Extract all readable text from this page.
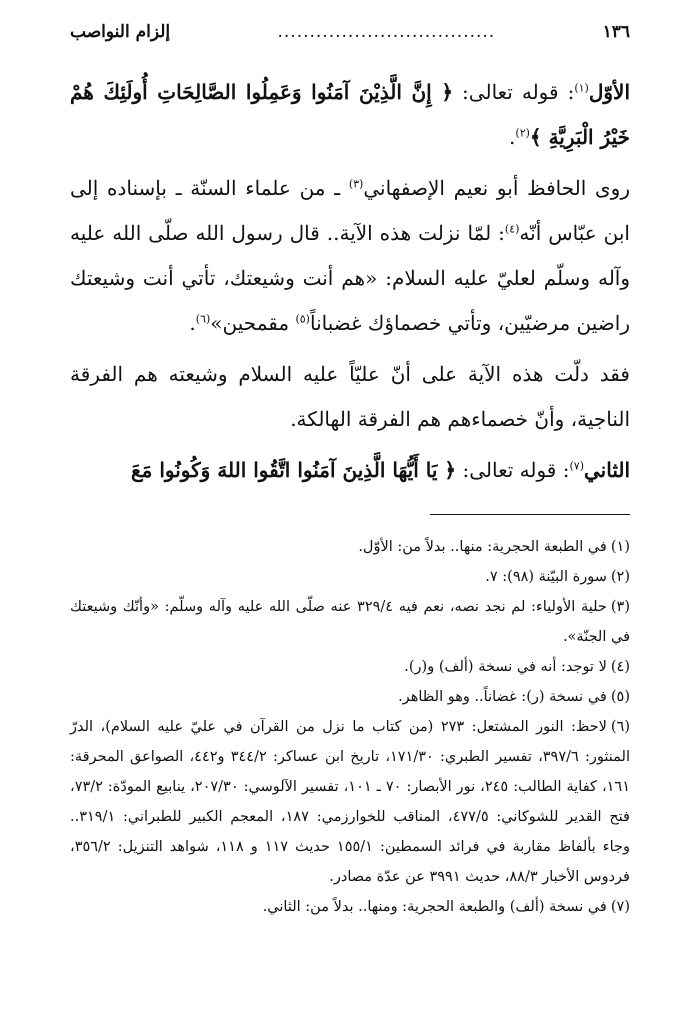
١٣٦
..................................
إلزام النواصب

الأوّل$^{(١)}$: قوله تعالى: ﴿ إِنَّ الَّذِيْنَ آمَنُوا وَعَمِلُوا الصَّالِحَاتِ أُولَئِكَ هُمْ خَيْرُ الْبَرِيَّةِ ﴾$^{(٢)}$.

روى الحافظ أبو نعيم الإصفهاني$^{(٣)}$ ـ من علماء السنّة ـ بإسناده إلى ابن عبّاس أنّه$^{(٤)}$: لمّا نزلت هذه الآية.. قال رسول الله صلّى الله عليه وآله وسلّم لعليّ عليه السلام: «هم أنت وشيعتك، تأتي أنت وشيعتك راضين مرضيّين، وتأتي خصماؤك غضباناً$^{(٥)}$ مقمحين»$^{(٦)}$.

فقد دلّت هذه الآية على أنّ عليّاً عليه السلام وشيعته هم الفرقة الناجية، وأنّ خصماءهم هم الفرقة الهالكة.

الثاني$^{(٧)}$: قوله تعالى: ﴿ يَا أَيُّهَا الَّذِينَ آمَنُوا اتَّقُوا اللهَ وَكُونُوا مَعَ

(١)في الطبعة الحجرية: منها.. بدلاً من: الأوّل.

(٢)سورة البيّنة (٩٨): ٧.

(٣)حلية الأولياء: لم نجد نصه، نعم فيه ٣٢٩/٤ عنه صلّى الله عليه وآله وسلّم: «وأنّك وشيعتك في الجنّة».

(٤)لا توجد: أنه في نسخة (ألف) و(ر).

(٥)في نسخة (ر): غضاناً.. وهو الظاهر.

(٦)لاحظ: النور المشتعل: ٢٧٣ (من كتاب ما نزل من القرآن في عليّ عليه السلام)، الدرّ المنثور: ٣٩٧/٦، تفسير الطبري: ١٧١/٣٠، تاريخ ابن عساكر: ٣٤٤/٢ و٤٤٢، الصواعق المحرقة: ١٦١، كفاية الطالب: ٢٤٥، نور الأبصار: ٧٠ ـ ١٠١، تفسير الآلوسي: ٢٠٧/٣٠، ينابيع المودّة: ٧٣/٢، فتح القدير للشوكاني: ٤٧٧/٥، المناقب للخوارزمي: ١٨٧، المعجم الكبير للطبراني: ٣١٩/١.. وجاء بألفاظ مقاربة في فرائد السمطين: ١٥٥/١ حديث ١١٧ و ١١٨، شواهد التنزيل: ٣٥٦/٢، فردوس الأخبار ٨٨/٣، حديث ٣٩٩١ عن عدّة مصادر.

(٧)في نسخة (ألف) والطبعة الحجرية: ومنها.. بدلاً من: الثاني.
